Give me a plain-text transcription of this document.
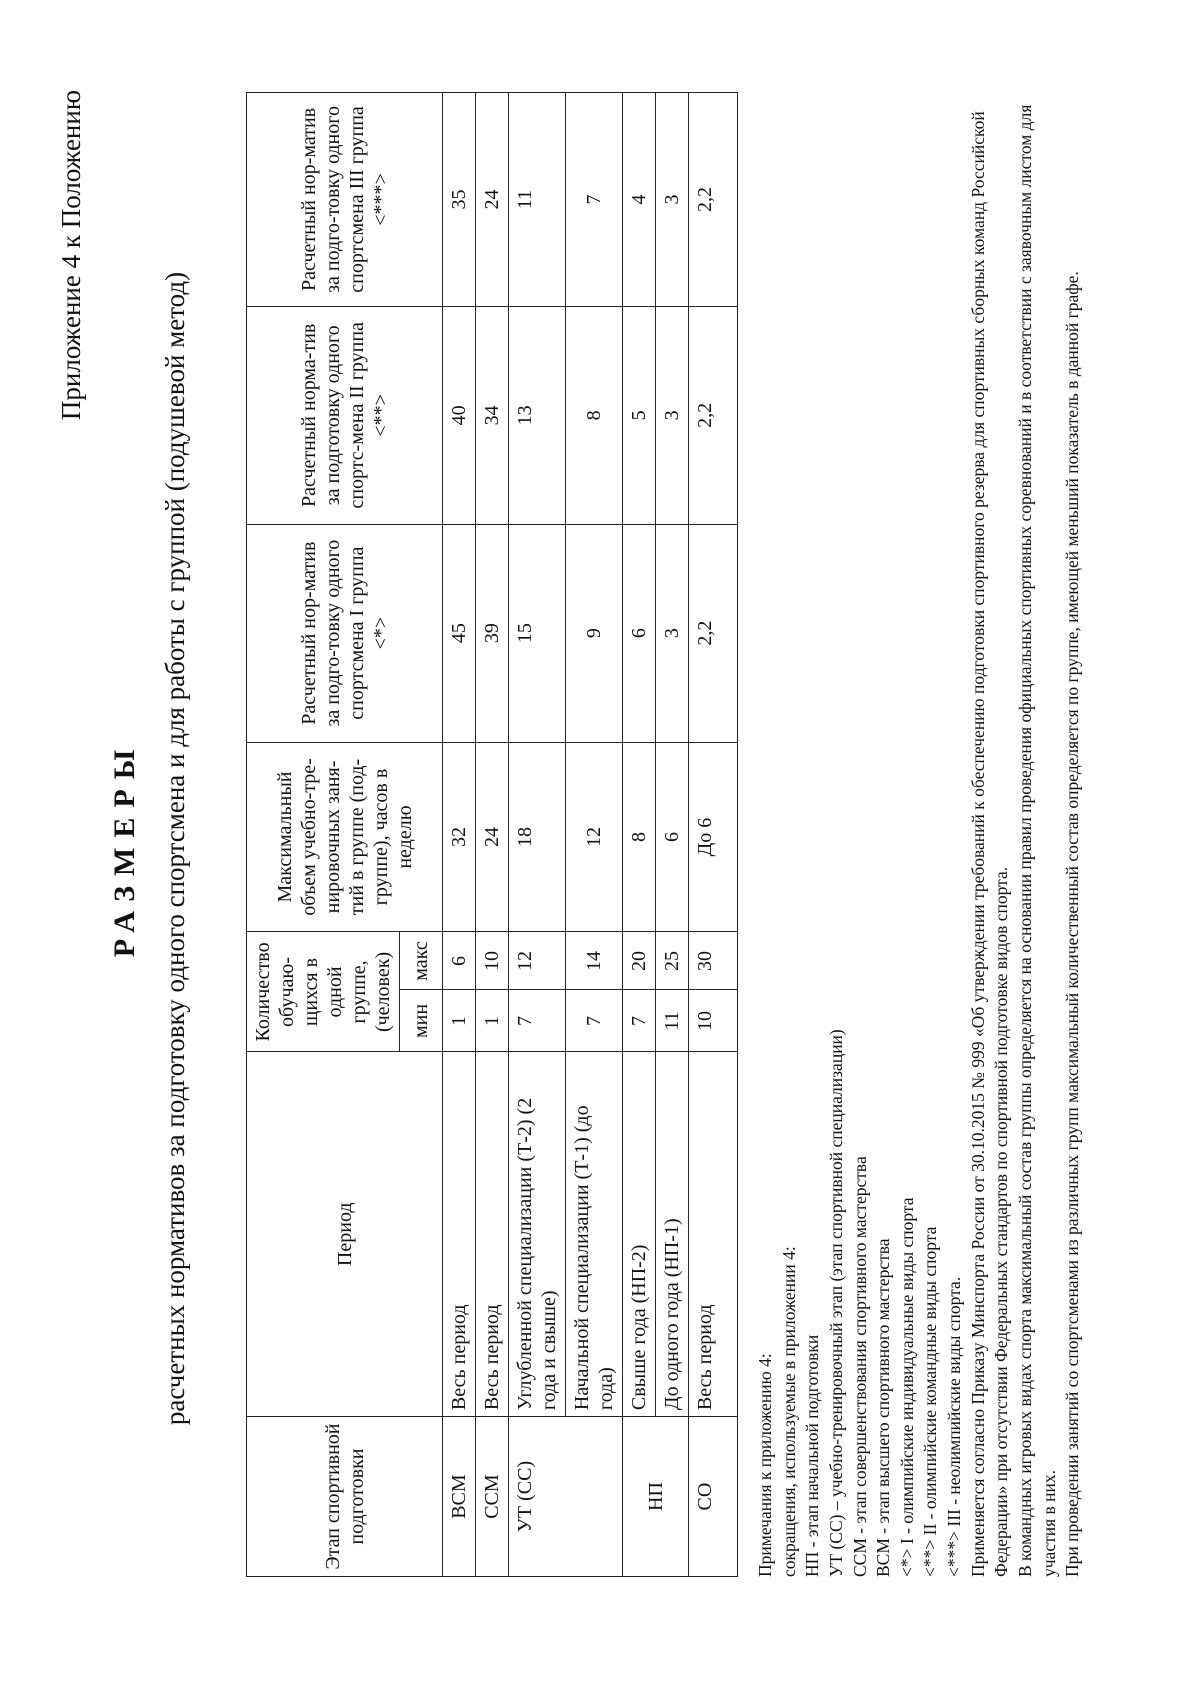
Приложение 4 к Положению
РАЗМЕРЫ расчетных нормативов за подготовку одного спортсмена и для работы с группой (подушевой метод)
Этап спортивной подготовки	Период	Количество обучаю-щихся в одной группе, (человек)		Максимальный объем учебно-тре-нировочных заня-тий в группе (под-группе), часов в неделю	Расчетный нор-матив за подго-товку одного спортсмена I группа <*>	Расчетный норма-тив за подготовку одного спортс-мена II группа <**>	Расчетный нор-матив за подго-товку одного спортсмена III группа <***>
		мин	макс				
ВСМ	Весь период	1	6	32	45	40	35
ССМ	Весь период	1	10	24	39	34	24
УТ (СС)	Углубленной специализации (Т-2) (2 года и свыше)	7	12	18	15	13	11
	Начальной специализации (Т-1) (до года)	7	14	12	9	8	7
НП	Свыше года (НП-2)	7	20	8	6	5	4
	До одного года (НП-1)	11	25	6	3	3	3
СО	Весь период	10	30	До 6	2,2	2,2	2,2
Примечания к приложению 4: сокращения, используемые в приложении 4: НП - этап начальной подготовки УТ (СС) – учебно-тренировочный этап (этап спортивной специализации) ССМ - этап совершенствования спортивного мастерства ВСМ - этап высшего спортивного мастерства <*> I - олимпийские индивидуальные виды спорта <**> II - олимпийские командные виды спорта <***> III - неолимпийские виды спорта. Применяется согласно Приказу Минспорта России от 30.10.2015 № 999 «Об утверждении требований к обеспечению подготовки спортивного резерва для спортивных сборных команд Российской Федерации» при отсутствии Федеральных стандартов по спортивной подготовке видов спорта. В командных игровых видах спорта максимальный состав группы определяется на основании правил проведения официальных спортивных соревнований и в соответствии с заявочным листом для участия в них. При проведении занятий со спортсменами из различных групп максимальный количественный состав определяется по группе, имеющей меньший показатель в данной графе.
